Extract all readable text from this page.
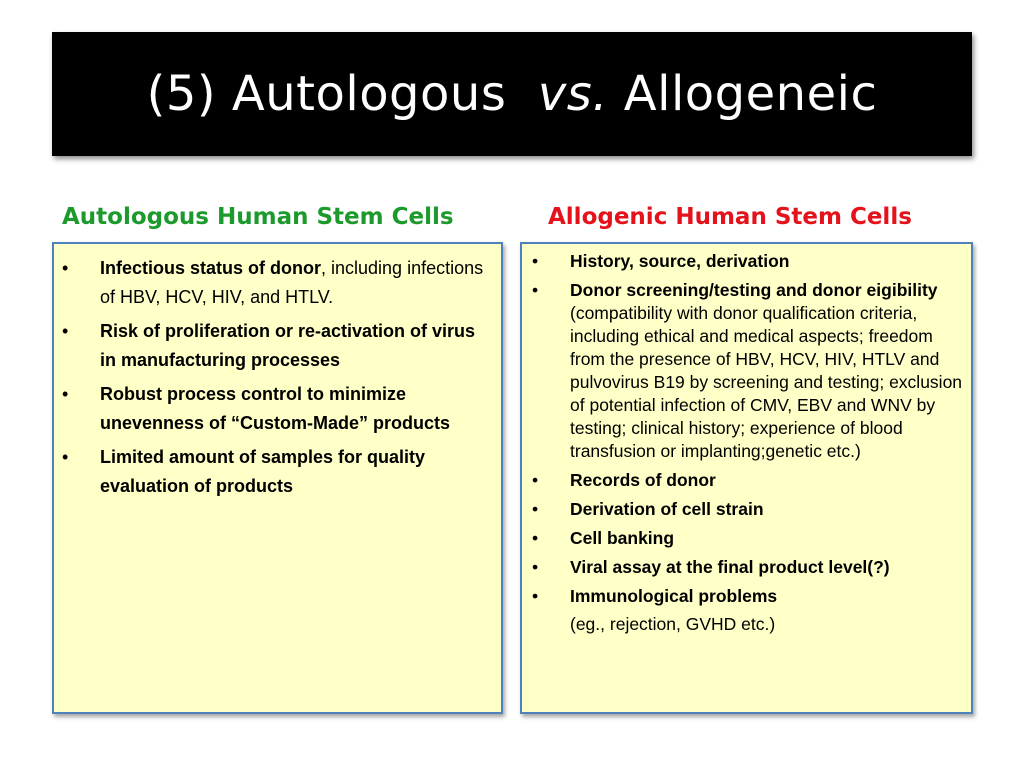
(5) Autologous  vs. Allogeneic
Autologous Human Stem Cells	Allogenic Human Stem Cells
• Infectious status of donor, including infections of HBV, HCV, HIV, and HTLV.
• Risk of proliferation or re-activation of virus in manufacturing processes
• Robust process control to minimize unevenness of “Custom-Made” products
• Limited amount of samples for quality evaluation of products
• History, source, derivation
• Donor screening/testing and donor eigibility (compatibility with donor qualification criteria, including ethical and medical aspects; freedom from the presence of HBV, HCV, HIV, HTLV and pulvovirus B19 by screening and testing; exclusion of potential infection of CMV, EBV and WNV by testing; clinical history; experience of blood transfusion or implanting;genetic etc.)
• Records of donor
• Derivation of cell strain
• Cell banking
• Viral assay at the final product level(?)
• Immunological problems
(eg., rejection, GVHD etc.)
